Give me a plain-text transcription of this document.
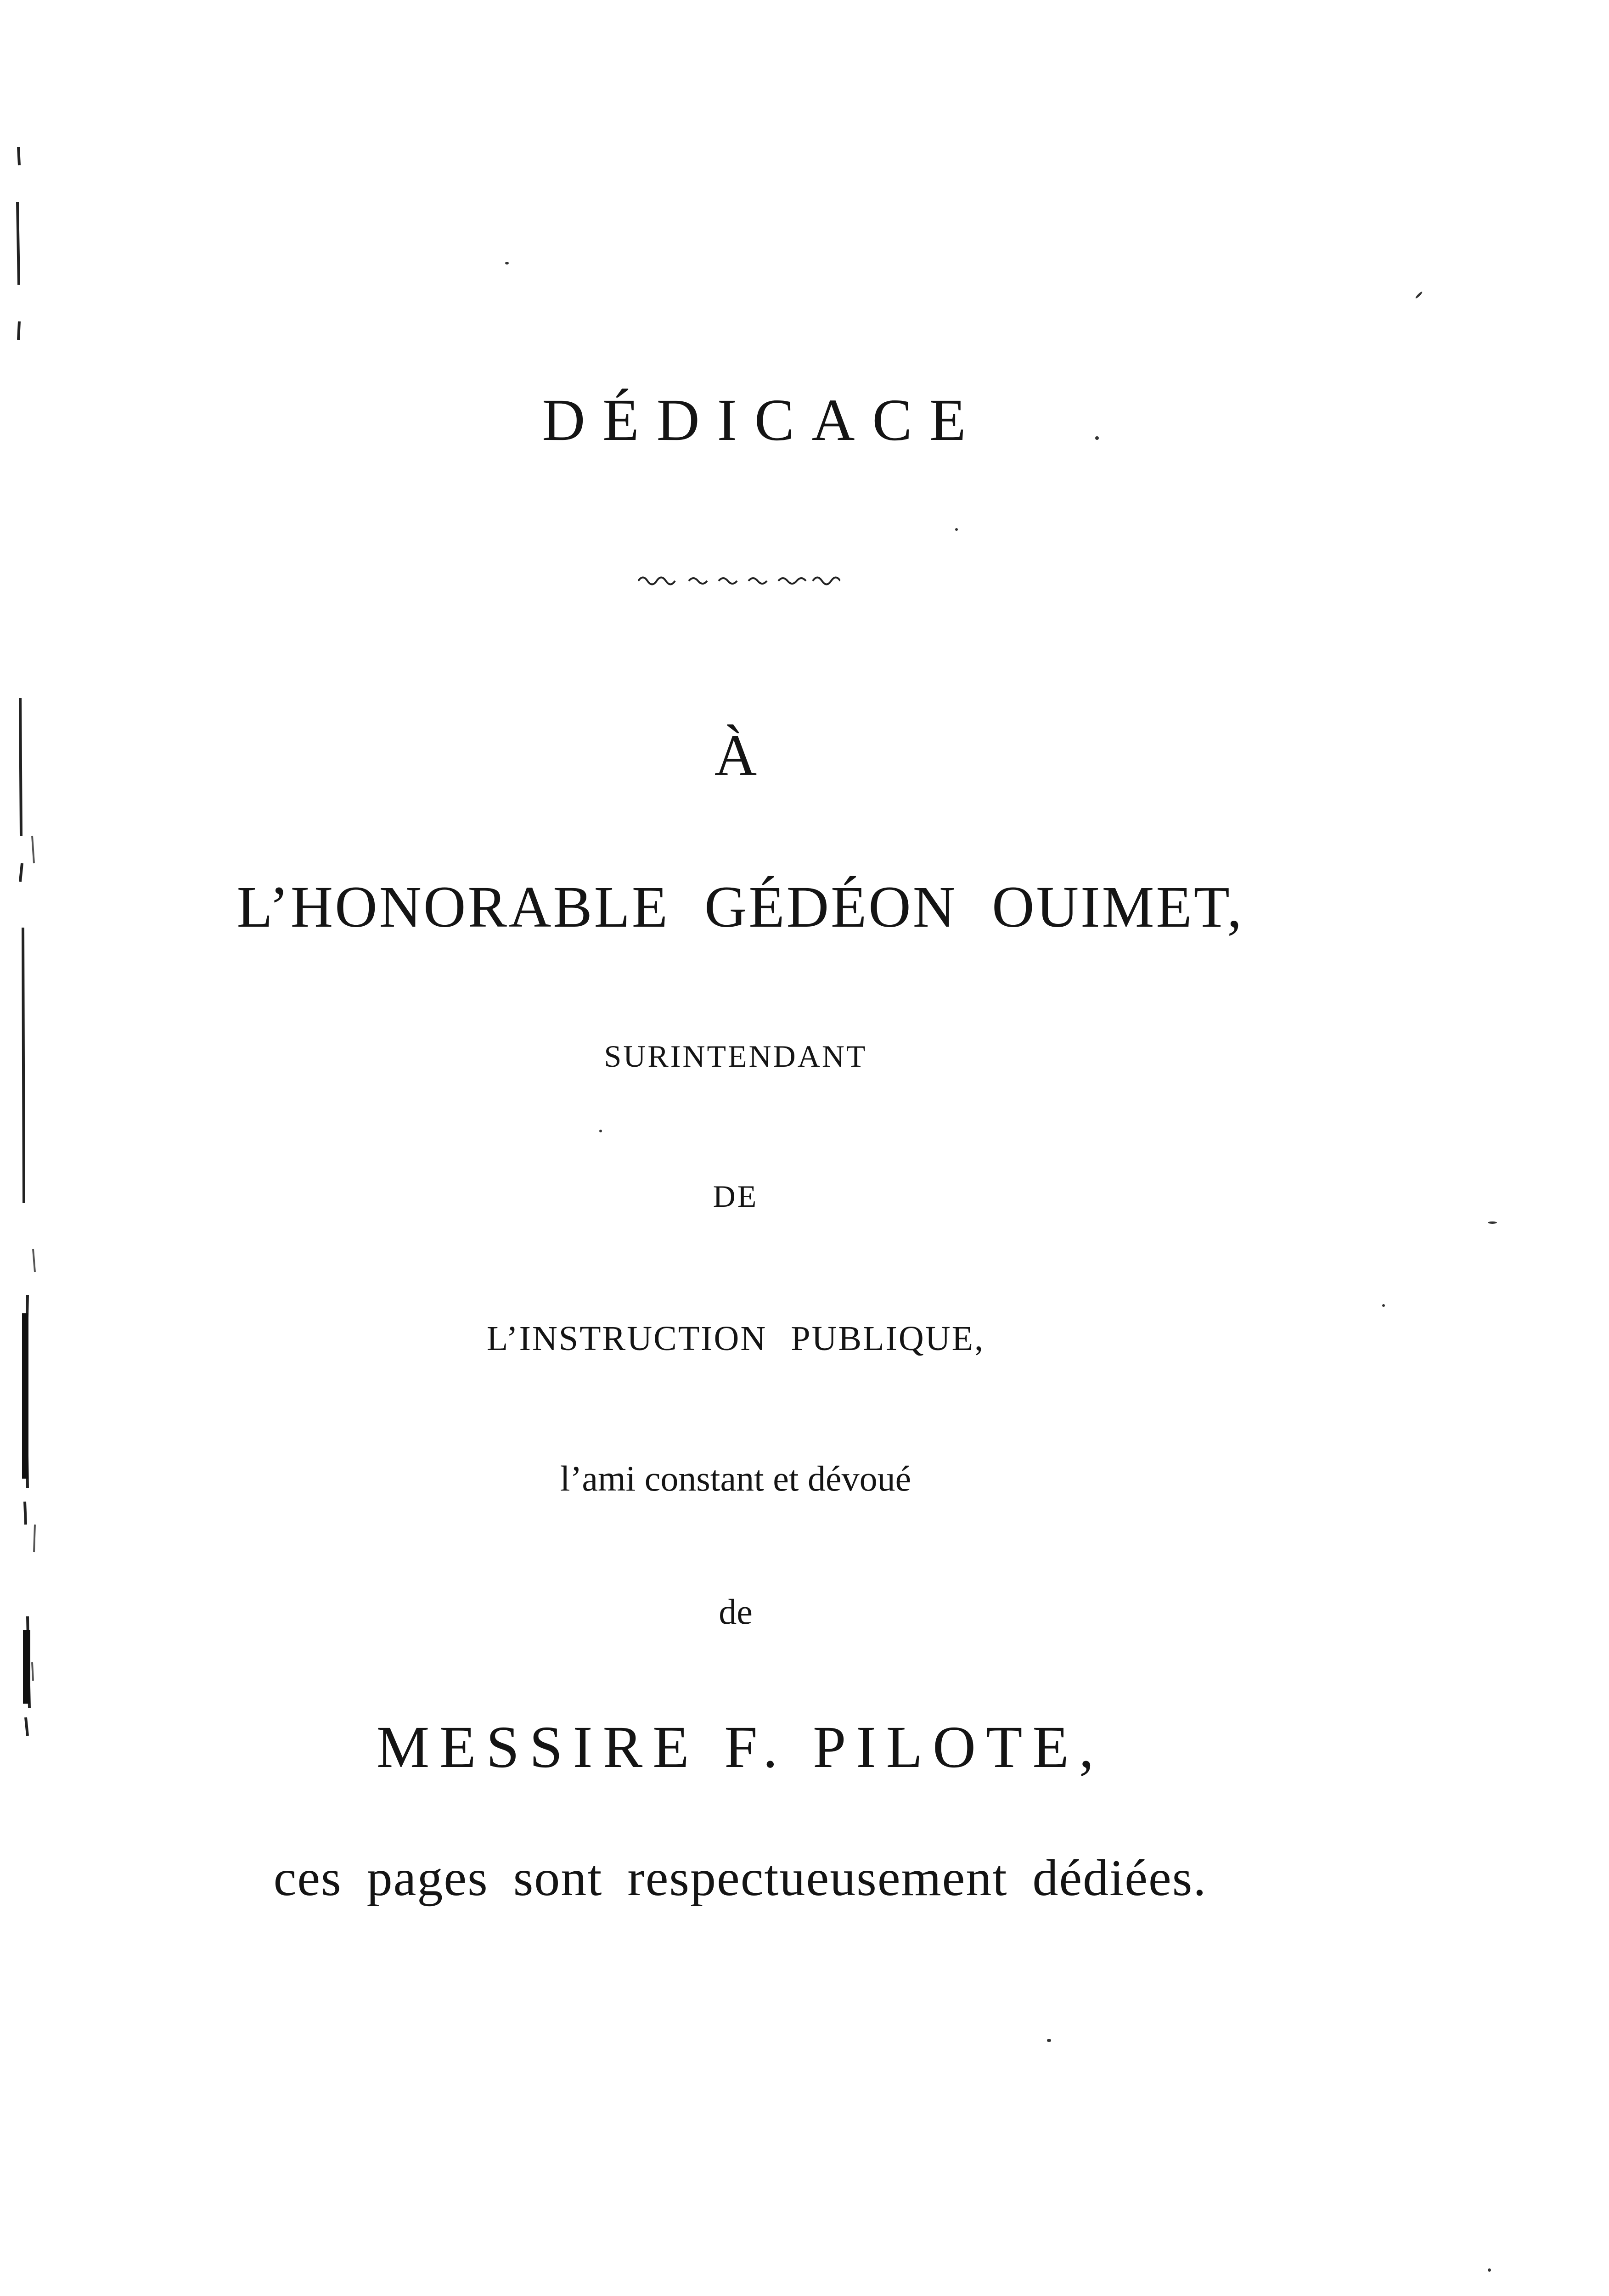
DÉDICACE
À
L’HONORABLE GÉDÉON OUIMET,
SURINTENDANT
DE
L’INSTRUCTION PUBLIQUE,
l’ami constant et dévoué
de
MESSIRE F. PILOTE,
ces pages sont respectueusement dédiées.
